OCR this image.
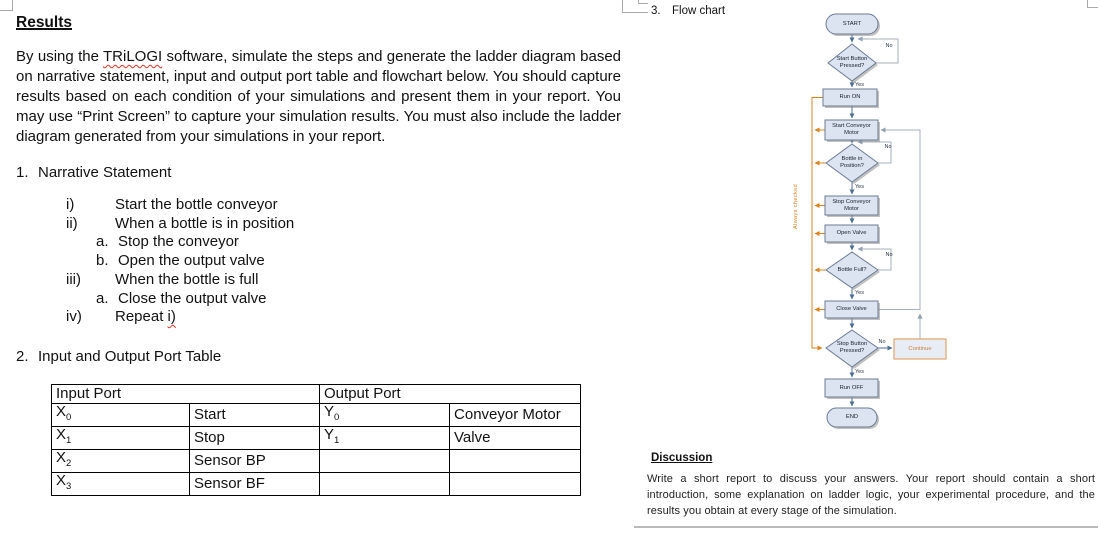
Results

By using the TRiLOGI software, simulate the steps and generate the ladder diagram based on narrative statement, input and output port table and flowchart below. You should capture results based on each condition of your simulations and present them in your report. You may use “Print Screen” to capture your simulation results. You must also include the ladder diagram generated from your simulations in your report.

1. Narrative Statement
i)	Start the bottle conveyor
ii)	When a bottle is in position
a. Stop the conveyor
b. Open the output valve
iii)	When the bottle is full
a. Close the output valve
iv)	Repeat i)
2. Input and Output Port Table
Input Port		Output Port	
$X_0$	Start	$Y_0$	Conveyor Motor
$X_1$	Stop	$Y_1$	Valve
$X_2$	Sensor BP		
$X_3$	Sensor BF		
3. Flow chart
START
Start Button Pressed?
Run ON
Start Conveyor Motor
Bottle in Position?
Stop Conveyor Motor
Open Valve
Bottle Full?
Close Valve
Stop Button Pressed?	Continue
Run OFF
END
No
Yes
No
Yes
No
Yes
No
Yes
Always checked
Discussion

Write a short report to discuss your answers. Your report should contain a short introduction, some explanation on ladder logic, your experimental procedure, and the results you obtain at every stage of the simulation.
